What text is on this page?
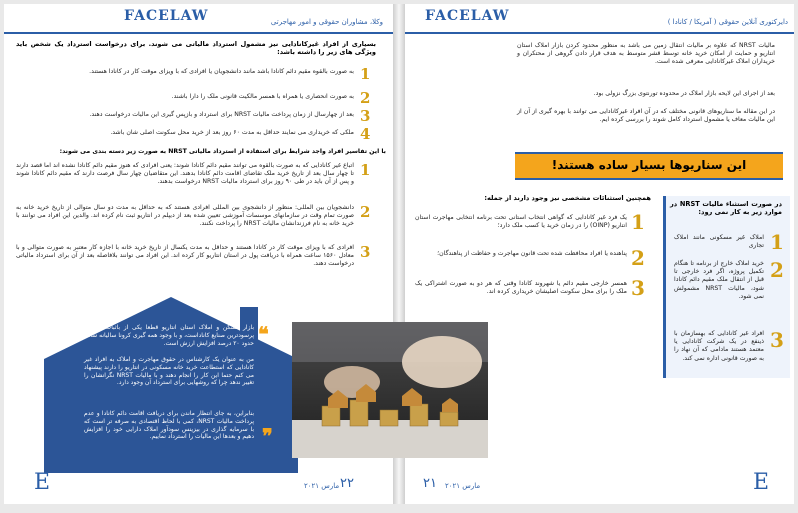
FACELAW	وکلا، مشاوران حقوقی و امور مهاجرتی
بسیاری از افراد غیرکانادایی نیز مشمول استرداد مالیاتی می شوند. برای درخواست استرداد یک شخص باید ویژگی های زیر را داشته باشد:
1
به صورت بالقوه مقیم دائم کانادا باشد مانند دانشجویان یا افرادی که با ویزای موقت کار در کانادا هستند.
2
به صورت انحصاری یا همراه با همسر مالکیت قانونی ملک را دارا باشند.
3
بعد از چهارسال از زمان پرداخت مالیات NRST برای استرداد و بازپس گیری این مالیات درخواست دهند.
4
ملکی که خریداری می نمایند حداقل به مدت ۶۰ روز بعد از خرید محل سکونت اصلی شان باشد.
با این تفاسیر افراد واجد شرایط برای استفاده از استرداد مالیاتی NRST به صورت زیر دسته بندی می شوند:
1
اتباع غیر کانادایی که به صورت بالقوه می توانند مقیم دائم کانادا شوند: یعنی افرادی که هنوز مقیم دائم کانادا نشده اند اما قصد دارند تا چهار سال بعد از تاریخ خرید ملک تقاضای اقامت دائم کانادا بدهند. این متقاضیان چهار سال فرصت دارند که مقیم دائم کانادا شوند و پس از آن باید در طی ۹۰ روز برای استرداد مالیات NRST درخواست بدهند.
2
دانشجویان بین المللی: منظور از دانشجوی بین المللی افرادی هستند که به حداقل به مدت دو سال متوالی از تاریخ خرید خانه به صورت تمام وقت در سازمانهای موسسات آموزشی تعیین شده بعد از دیپلم در انتاریو ثبت نام کرده اند. والدین این افراد می توانند با خرید خانه به نام فرزندانشان مالیات NRST را پرداخت نکنند.
3
افرادی که با ویزای موقت کار در کانادا هستند و حداقل به مدت یکسال از تاریخ خرید خانه با اجازه کار معتبر به صورت متوالی و با معادل ۱۵۶۰ ساعت همراه با دریافت پول در استان انتاریو کار کرده اند. این افراد می توانند بلافاصله بعد از آن برای استرداد مالیاتی درخواست دهند.
❝
بازار مسکن و املاک استان انتاریو قطعا یکی از باثبات ترین و پرسودترین صنایع کاناداست، و با وجود همه گیری کرونا سالیانه شاهد حدود ۲۰ درصد افزایش ارزش است.
من به عنوان یک کارشناس در حقوق مهاجرت و املاک به افراد غیر کانادایی که استطاعت خرید خانه مسکونی در انتاریو را دارند پیشنهاد می کنم حتما این کار را انجام دهند و با مالیات NRST نگرانشان را تغییر ندهد چرا که روشهایی برای استرداد آن وجود دارد.
بنابراین، به جای انتظار ماندن برای دریافت اقامت دائم کانادا و عدم پرداخت مالیات NRST، کمی با لحاظ اقتصادی به صرفه تر است که با سرمایه گذاری در بیزینس سودآور املاک دارایی خود را افزایش دهیم و بعدها این مالیات را استرداد نماییم. ❞
E	مارس ۲۰۲۱ ۲۲
FACELAW	دایرکتوری آنلاین حقوقی ( آمریکا / کانادا )
مالیات NRST که علاوه بر مالیات انتقال زمین می باشد به منظور محدود کردن بازار املاک استان انتاریو و حمایت از امکان خرید خانه توسط قشر متوسط به هدف قرار دادن گروهی از محتکران و خریداران املاک غیرکانادایی معرفی شده است.
بعد از اجرای این لایحه بازار املاک در محدوده تورنتوی بزرگ نزولی بود.
در این مقاله ما سناریوهای قانونی مختلف که در آن افراد غیرکانادایی می توانند با بهره گیری از آن از این مالیات معاف یا مشمول استرداد کامل شوند را بررسی کرده ایم.
این سناریوها بسیار ساده هستند!
در صورت استثناء مالیات NRST در موارد زیر به کار نمی رود:
1
املاک غیر مسکونی مانند املاک تجاری
2
خرید املاک خارج از برنامه تا هنگام تکمیل پروژه، اگر فرد خارجی تا قبل از انتقال ملک مقیم دائم کانادا شود، مالیات NRST مشمولش نمی شود.
3
افراد غیر کانادایی که بهسازمان با ذینفع در یک شرکت کانادایی یا معتمد هستند مادامی که آن نهاد را به صورت قانونی اداره نمی کند.
همچنین استثنائات مشخصی نیز وجود دارند از جمله:
1
یک فرد غیر کانادایی که گواهی انتخاب استانی تحت برنامه انتخابی مهاجرت استان انتاریو (OINP) را در زمان خرید یا کسب ملک دارد؛
2
پناهنده یا افراد محافظت شده تحت قانون مهاجرت و حفاظت از پناهندگان؛
3
همسر خارجی مقیم دائم یا شهروند کانادا وقتی که هر دو به صورت اشتراکی یک ملک را برای محل سکونت اصلیشان خریداری کرده اند.
E
۲۱ مارس ۲۰۲۱
